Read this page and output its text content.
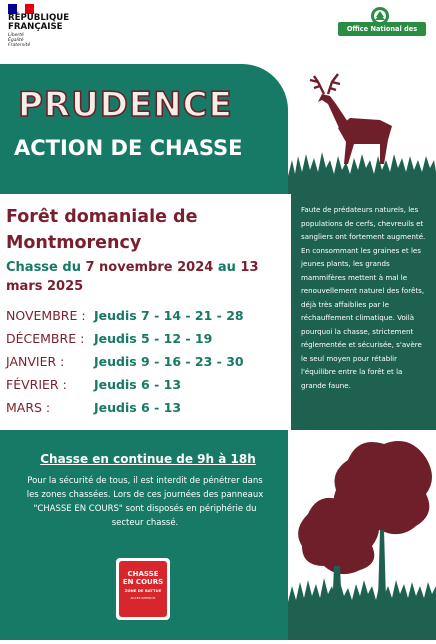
RÉPUBLIQUE
FRANÇAISE
Liberté
Égalité
Fraternité
Office National des Forêts
PRUDENCE
ACTION DE CHASSE
Forêt domaniale de Montmorency
Chasse du 7 novembre 2024 au 13 mars 2025
NOVEMBRE : Jeudis 7 - 14 - 21 - 28
DÉCEMBRE : Jeudis 5 - 12 - 19
JANVIER : Jeudis 9 - 16 - 23 - 30
FÉVRIER : Jeudis 6 - 13
MARS :	Jeudis 6 - 13
Faute de prédateurs naturels, les populations de cerfs, chevreuils et sangliers ont fortement augmenté. En consommant les graines et les jeunes plants, les grands mammifères mettent à mal le renouvellement naturel des forêts, déjà très affaiblies par le réchauffement climatique. Voilà pourquoi la chasse, strictement réglementée et sécurisée, s'avère le seul moyen pour rétablir l'équilibre entre la forêt et la grande faune.
Chasse en continue de 9h à 18h
Pour la sécurité de tous, il est interdit de pénétrer dans les zones chassées. Lors de ces journées des panneaux "CHASSE EN COURS" sont disposés en périphérie du secteur chassé.
CHASSE
EN COURS
ZONE DE BATTUE
ACCES INTERDIT
